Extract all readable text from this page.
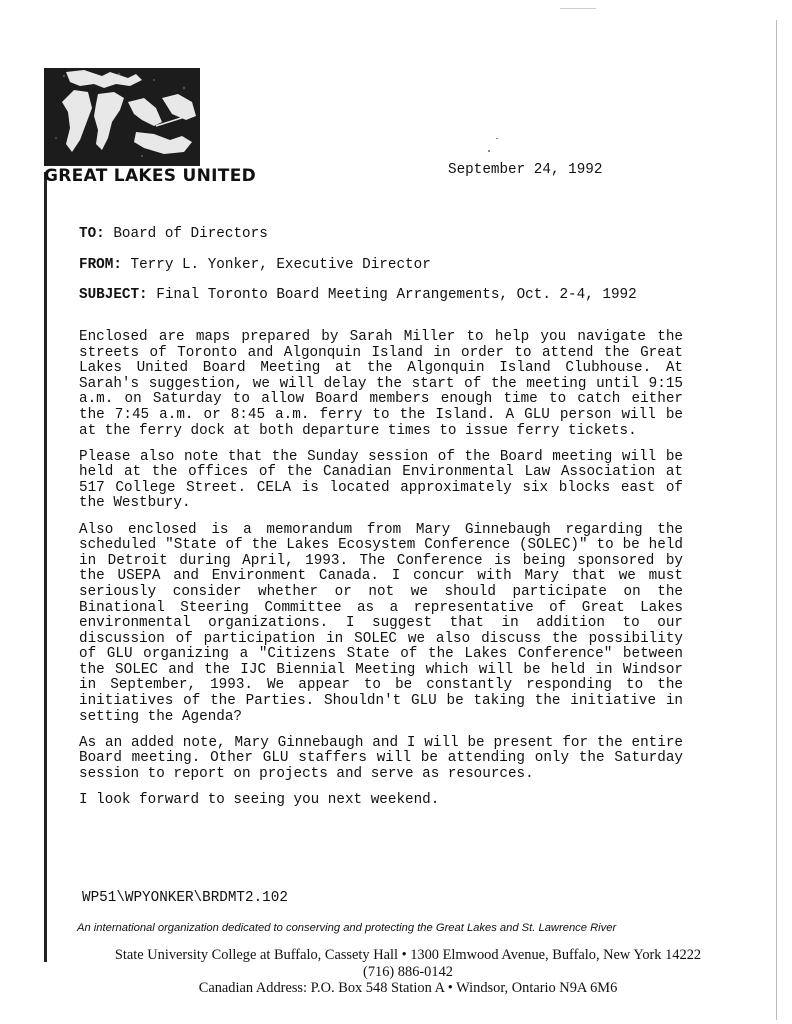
GREAT LAKES UNITED	September 24, 1992
TO: Board of Directors
FROM: Terry L. Yonker, Executive Director
SUBJECT: Final Toronto Board Meeting Arrangements, Oct. 2-4, 1992

Enclosed are maps prepared by Sarah Miller to help you navigate the streets of Toronto and Algonquin Island in order to attend the Great Lakes United Board Meeting at the Algonquin Island Clubhouse. At Sarah's suggestion, we will delay the start of the meeting until 9:15 a.m. on Saturday to allow Board members enough time to catch either the 7:45 a.m. or 8:45 a.m. ferry to the Island. A GLU person will be at the ferry dock at both departure times to issue ferry tickets.

Please also note that the Sunday session of the Board meeting will be held at the offices of the Canadian Environmental Law Association at 517 College Street. CELA is located approximately six blocks east of the Westbury.

Also enclosed is a memorandum from Mary Ginnebaugh regarding the scheduled "State of the Lakes Ecosystem Conference (SOLEC)" to be held in Detroit during April, 1993. The Conference is being sponsored by the USEPA and Environment Canada. I concur with Mary that we must seriously consider whether or not we should participate on the Binational Steering Committee as a representative of Great Lakes environmental organizations. I suggest that in addition to our discussion of participation in SOLEC we also discuss the possibility of GLU organizing a "Citizens State of the Lakes Conference" between the SOLEC and the IJC Biennial Meeting which will be held in Windsor in September, 1993. We appear to be constantly responding to the initiatives of the Parties. Shouldn't GLU be taking the initiative in setting the Agenda?

As an added note, Mary Ginnebaugh and I will be present for the entire Board meeting. Other GLU staffers will be attending only the Saturday session to report on projects and serve as resources.

I look forward to seeing you next weekend.

WP51\WPYONKER\BRDMT2.102
An international organization dedicated to conserving and protecting the Great Lakes and St. Lawrence River
State University College at Buffalo, Cassety Hall • 1300 Elmwood Avenue, Buffalo, New York 14222
(716) 886-0142
Canadian Address: P.O. Box 548 Station A • Windsor, Ontario N9A 6M6
